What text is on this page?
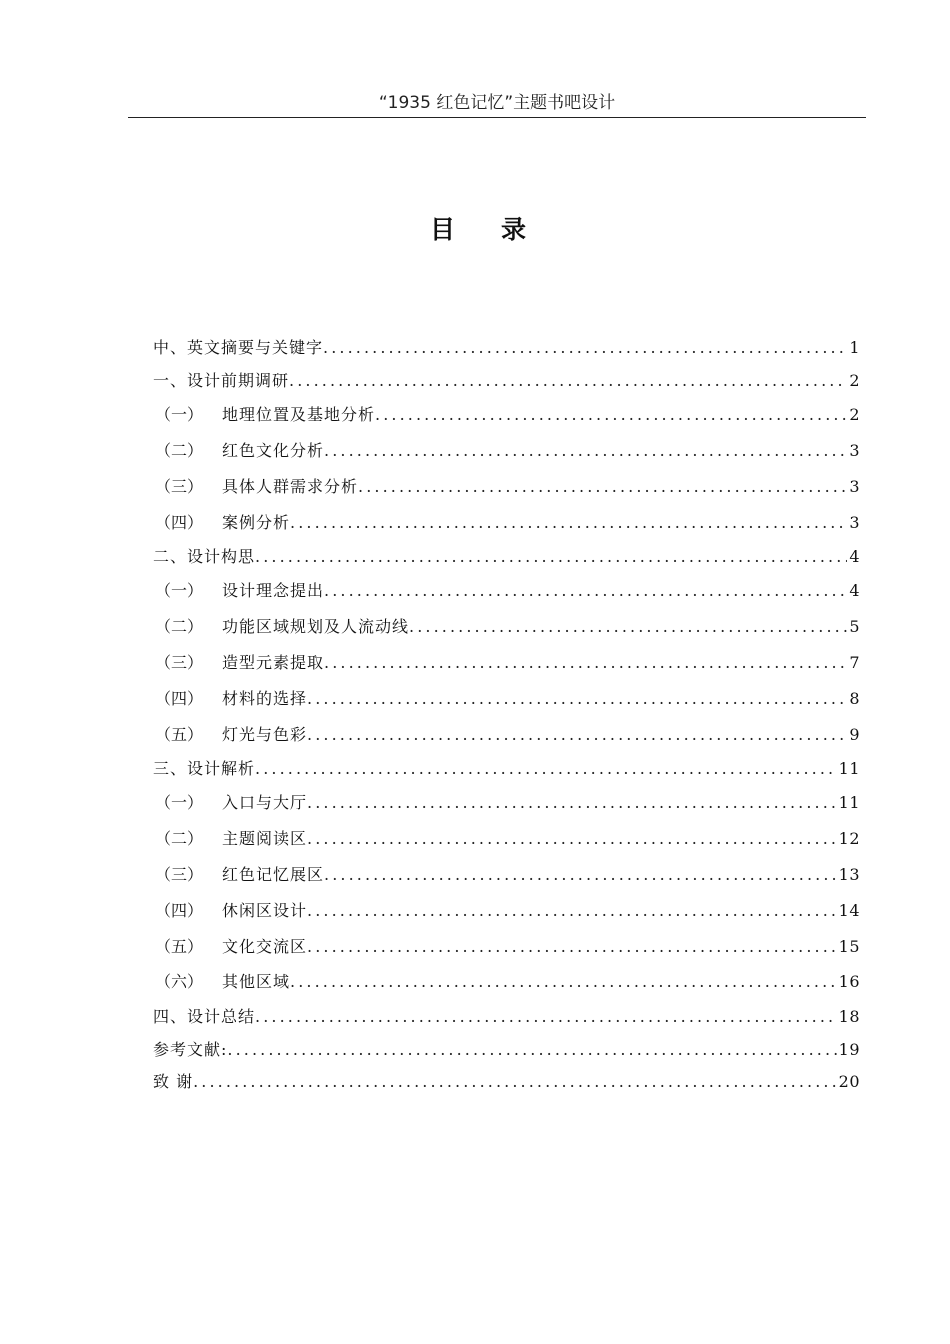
“1935 红色记忆”主题书吧设计
目录
中、英文摘要与关键字 .....	1
一、设计前期调研 .....	2
（一）	地理位置及基地分析 .....	2
（二）	红色文化分析 .....	3
（三）	具体人群需求分析 .....	3
（四）	案例分析 .....	3
二、设计构思 .....	4
（一）	设计理念提出 .....	4
（二）	功能区域规划及人流动线 .....	5
（三）	造型元素提取 .....	7
（四）	材料的选择 .....	8
（五）	灯光与色彩 .....	9
三、设计解析 .....	11
（一）	入口与大厅 .....	11
（二）	主题阅读区 .....	12
（三）	红色记忆展区 .....	13
（四）	休闲区设计 .....	14
（五）	文化交流区 .....	15
（六）	其他区域 .....	16
四、设计总结 .....	18
参考文献: .....	19
致 谢 .....	20
